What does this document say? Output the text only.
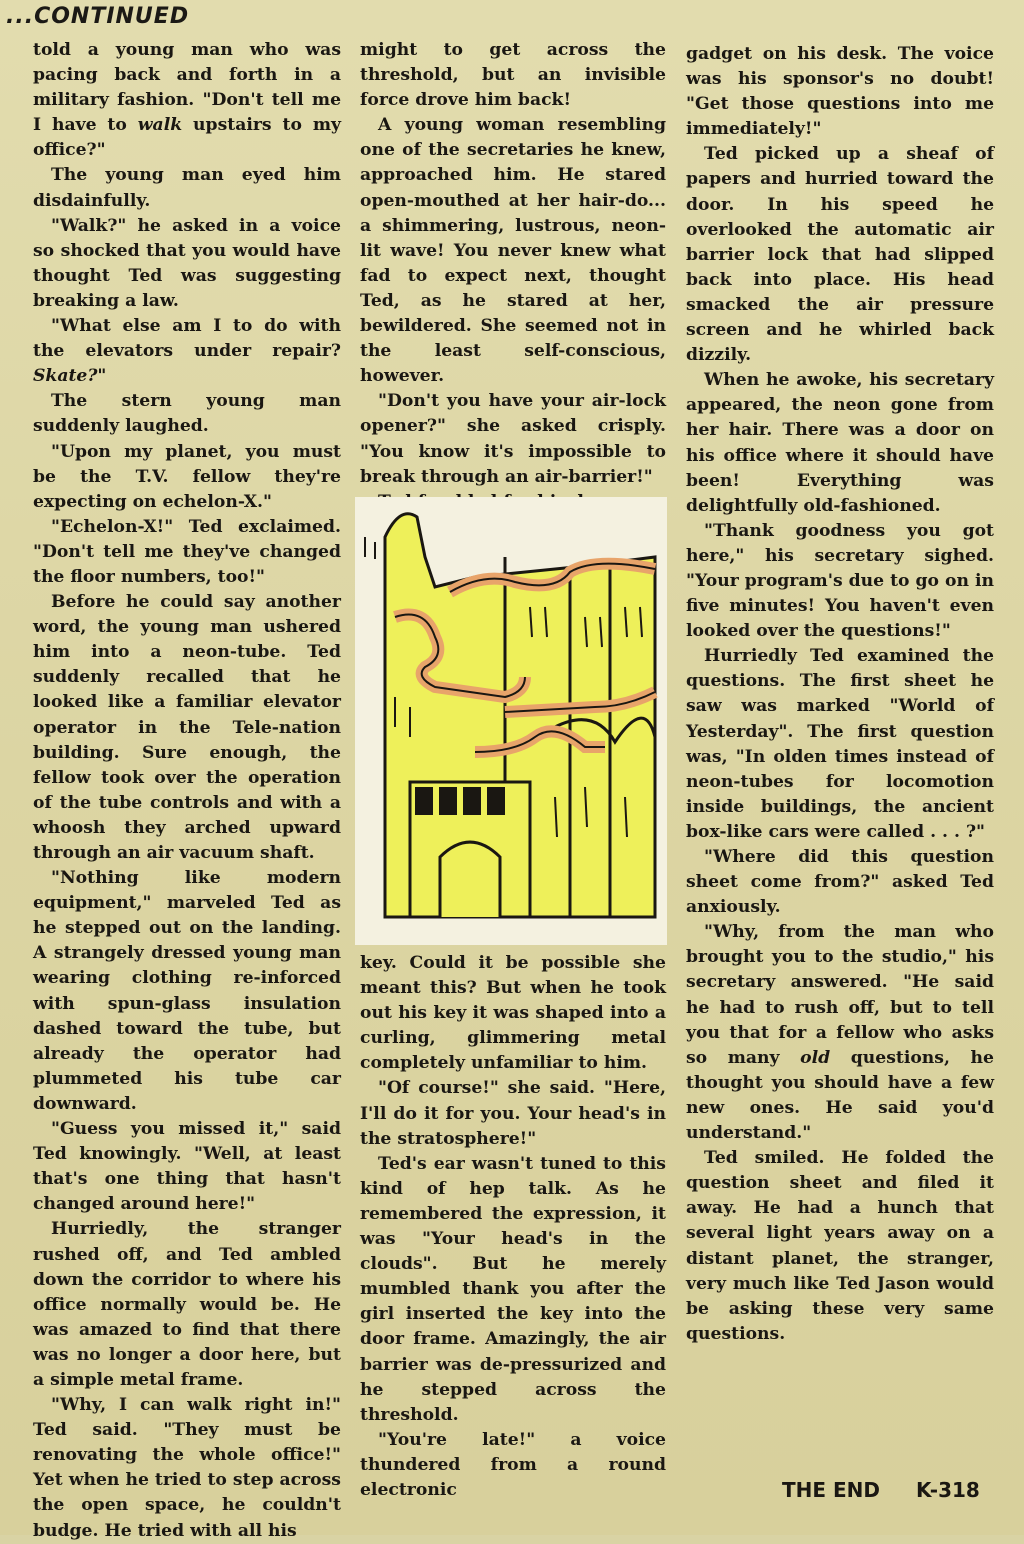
...CONTINUED

told a young man who was pacing back and forth in a military fashion. "Don't tell me I have to walk upstairs to my office?"

The young man eyed him disdainfully.

"Walk?" he asked in a voice so shocked that you would have thought Ted was suggesting breaking a law.

"What else am I to do with the elevators under repair? Skate?"

The stern young man suddenly laughed.

"Upon my planet, you must be the T.V. fellow they're expecting on echelon-X."

"Echelon-X!" Ted exclaimed. "Don't tell me they've changed the floor numbers, too!"

Before he could say another word, the young man ushered him into a neon-tube. Ted suddenly recalled that he looked like a familiar elevator operator in the Tele-nation building. Sure enough, the fellow took over the operation of the tube controls and with a whoosh they arched upward through an air vacuum shaft.

"Nothing like modern equipment," marveled Ted as he stepped out on the landing. A strangely dressed young man wearing clothing re-inforced with spun-glass insulation dashed toward the tube, but already the operator had plummeted his tube car downward.

"Guess you missed it," said Ted knowingly. "Well, at least that's one thing that hasn't changed around here!"

Hurriedly, the stranger rushed off, and Ted ambled down the corridor to where his office normally would be. He was amazed to find that there was no longer a door here, but a simple metal frame.

"Why, I can walk right in!" Ted said. "They must be renovating the whole office!" Yet when he tried to step across the open space, he couldn't budge. He tried with all his

might to get across the threshold, but an invisible force drove him back!

A young woman resembling one of the secretaries he knew, approached him. He stared open-mouthed at her hair-do... a shimmering, lustrous, neon-lit wave! You never knew what fad to expect next, thought Ted, as he stared at her, bewildered. She seemed not in the least self-conscious, however.

"Don't you have your air-lock opener?" she asked crisply. "You know it's impossible to break through an air-barrier!"

key. Could it be possible she meant this? But when he took out his key it was shaped into a curling, glimmering metal completely unfamiliar to him.

"Of course!" she said. "Here, I'll do it for you. Your head's in the stratosphere!"

Ted's ear wasn't tuned to this kind of hep talk. As he remembered the expression, it was "Your head's in the clouds". But he merely mumbled thank you after the girl inserted the key into the door frame. Amazingly, the air barrier was de-pressurized and he stepped across the threshold.

"You're late!" a voice thundered from a round electronic

gadget on his desk. The voice was his sponsor's no doubt! "Get those questions into me immediately!"

Ted picked up a sheaf of papers and hurried toward the door. In his speed he overlooked the automatic air barrier lock that had slipped back into place. His head smacked the air pressure screen and he whirled back dizzily.

When he awoke, his secretary appeared, the neon gone from her hair. There was a door on his office where it should have been! Everything was delightfully old-fashioned.

"Thank goodness you got here," his secretary sighed. "Your program's due to go on in five minutes! You haven't even looked over the questions!"

Hurriedly Ted examined the questions. The first sheet he saw was marked "World of Yesterday". The first question was, "In olden times instead of neon-tubes for locomotion inside buildings, the ancient box-like cars were called . . . ?"

"Where did this question sheet come from?" asked Ted anxiously.

"Why, from the man who brought you to the studio," his secretary answered. "He said he had to rush off, but to tell you that for a fellow who asks so many old questions, he thought you should have a few new ones. He said you'd understand."

Ted smiled. He folded the question sheet and filed it away. He had a hunch that several light years away on a distant planet, the stranger, very much like Ted Jason would be asking these very same questions.

THE END K-318
